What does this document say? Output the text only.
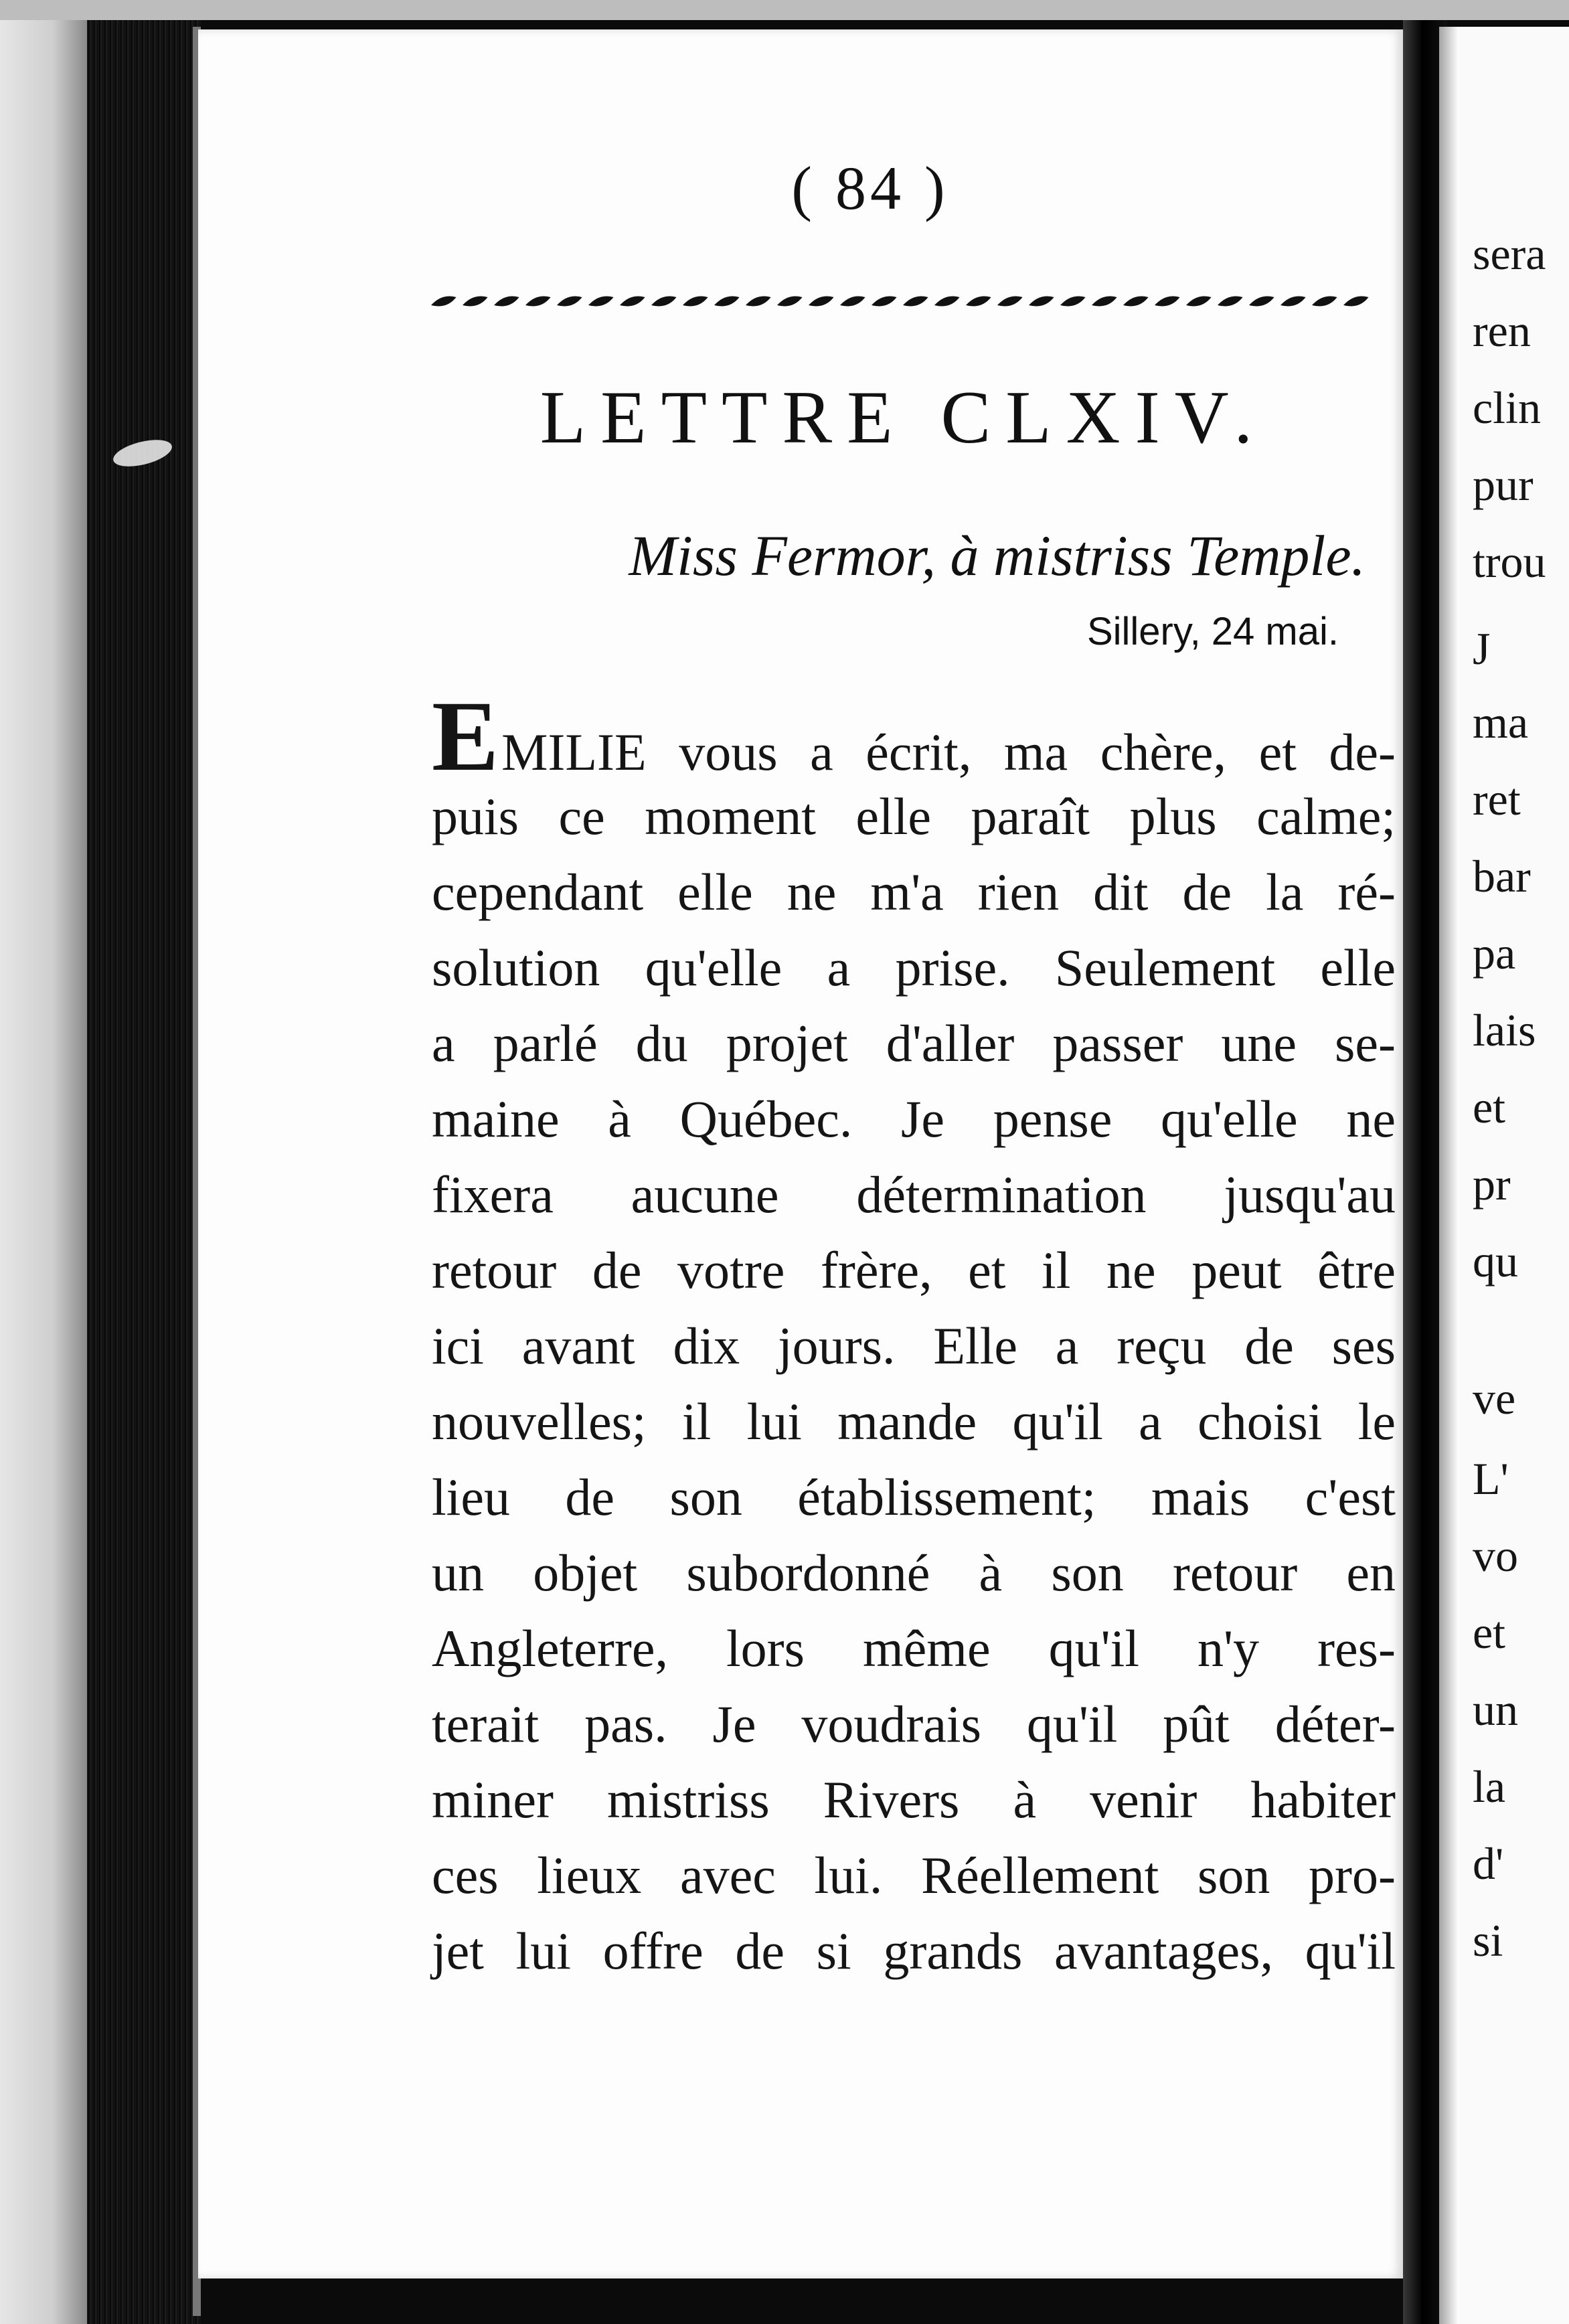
( 84 )
LETTRE CLXIV.
Miss Fermor, à mistriss Temple.
Sillery, 24 mai.
EMILIE vous a écrit, ma chère, et de-
puis ce moment elle paraît plus calme;
cependant elle ne m'a rien dit de la ré-
solution qu'elle a prise. Seulement elle
a parlé du projet d'aller passer une se-
maine à Québec. Je pense qu'elle ne
fixera aucune détermination jusqu'au
retour de votre frère, et il ne peut être
ici avant dix jours. Elle a reçu de ses
nouvelles; il lui mande qu'il a choisi le
lieu de son établissement; mais c'est
un objet subordonné à son retour en
Angleterre, lors même qu'il n'y res-
terait pas. Je voudrais qu'il pût déter-
miner mistriss Rivers à venir habiter
ces lieux avec lui. Réellement son pro-
jet lui offre de si grands avantages, qu'il
sera
ren
clin
pur
trou
J
ma
ret
bar
pa
lais
et
pr
qu
ve
L'
vo
et
un
la
d'
si
